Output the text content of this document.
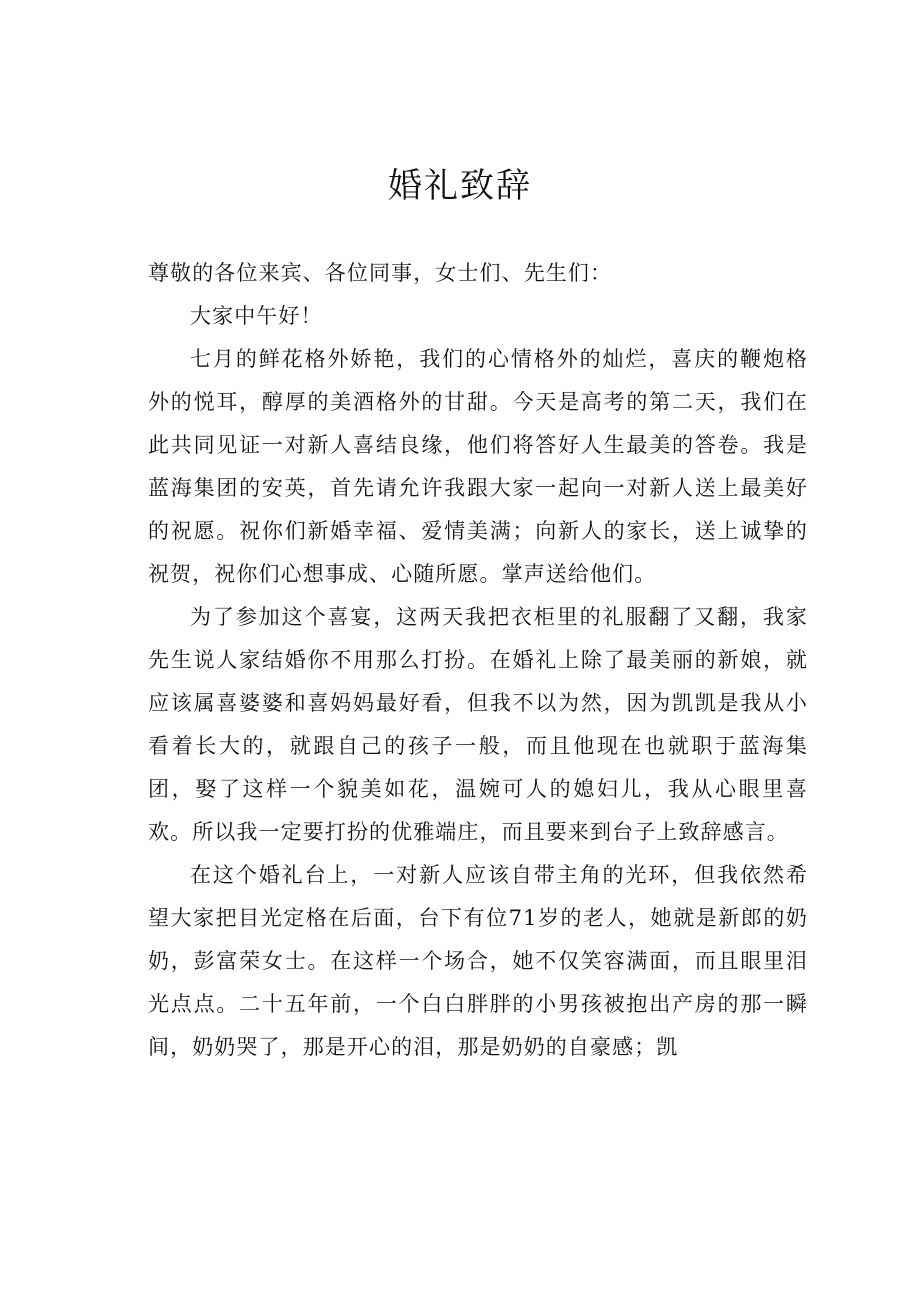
婚礼致辞

尊敬的各位来宾、各位同事，女士们、先生们：

大家中午好！

七月的鲜花格外娇艳，我们的心情格外的灿烂，喜庆的鞭炮格外的悦耳，醇厚的美酒格外的甘甜。今天是高考的第二天，我们在此共同见证一对新人喜结良缘，他们将答好人生最美的答卷。我是蓝海集团的安英，首先请允许我跟大家一起向一对新人送上最美好的祝愿。祝你们新婚幸福、爱情美满；向新人的家长，送上诚挚的祝贺，祝你们心想事成、心随所愿。掌声送给他们。

为了参加这个喜宴，这两天我把衣柜里的礼服翻了又翻，我家先生说人家结婚你不用那么打扮。在婚礼上除了最美丽的新娘，就应该属喜婆婆和喜妈妈最好看，但我不以为然，因为凯凯是我从小看着长大的，就跟自己的孩子一般，而且他现在也就职于蓝海集团，娶了这样一个貌美如花，温婉可人的媳妇儿，我从心眼里喜欢。所以我一定要打扮的优雅端庄，而且要来到台子上致辞感言。

在这个婚礼台上，一对新人应该自带主角的光环，但我依然希望大家把目光定格在后面，台下有位71岁的老人，她就是新郎的奶奶，彭富荣女士。在这样一个场合，她不仅笑容满面，而且眼里泪光点点。二十五年前，一个白白胖胖的小男孩被抱出产房的那一瞬间，奶奶哭了，那是开心的泪，那是奶奶的自豪感；凯
